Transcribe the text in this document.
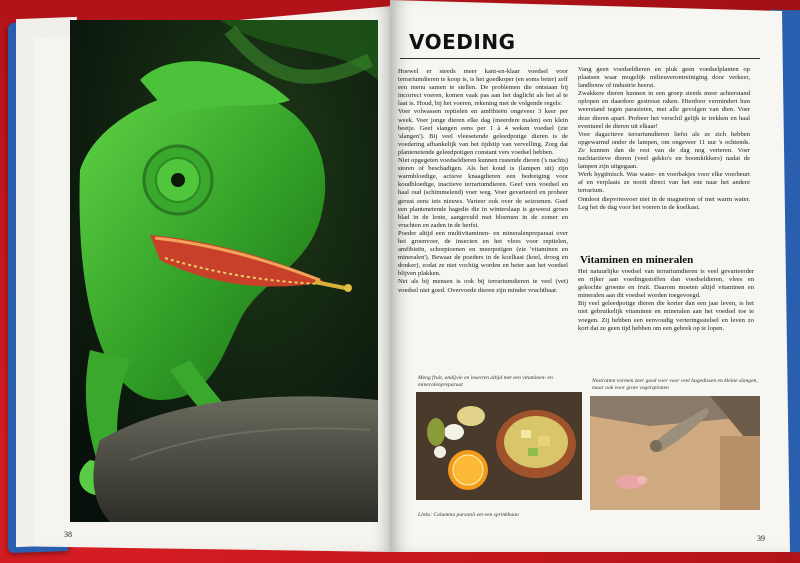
38
VOEDING
Hoewel er steeds meer kant-en-klaar voedsel voor terrariumdieren te koop is, is het goedkoper (en soms beter) zelf een menu samen te stellen. De problemen die ontstaan bij incorrect voeren, komen vaak pas aan het daglicht als het al te laat is. Houd, bij het voeren, rekening met de volgende regels:
Voer volwassen reptielen en amfibieën ongeveer 3 keer per week. Voer jonge dieren elke dag (meerdere malen) een klein beetje. Geef slangen eens per 1 à 4 weken voedsel (zie 'slangen'). Bij veel vleesetende geleedpotige dieren is de voedering afhankelijk van het tijdstip van vervelling. Zorg dat plantenetende geleedpotigen constant vers voedsel hebben.
Niet opgegeten voedseldieren kunnen rustende dieren ('s nachts) storen of beschadigen. Als het koud is (lampen uit) zijn warmbloedige, actieve knaagdieren een bedreiging voor koudbloedige, inactieve terrariumdieren. Geef vers voedsel en haal oud (schimmelend) voer weg. Voer gevarieerd en probeer gerust eens iets nieuws. Varieer ook over de seizoenen. Geef een plantenetende hagedis die in winterslaap is geweest groen blad in de lente, aangevuld met bloemen in de zomer en vruchten en zaden in de herfst.
Poeder altijd een multivitaminen- en mineralenpreparaat over het groenvoer, de insecten en het vlees voor reptielen, amfibieën, schorpioenen en meerpotigen (zie 'vitaminen en mineralen'). Bewaar de poeders in de koelkast (koel, droog en donker), zodat ze niet vochtig worden en beter aan het voedsel blijven plakken.
Net als bij mensen is ook bij terrariumdieren te veel (vet) voedsel niet goed. Overvoede dieren zijn minder vruchtbaar.
Vang geen voedseldieren en pluk geen voedselplanten op plaatsen waar mogelijk milieuverontreiniging door verkeer, landbouw of industrie heerst.
Zwakkere dieren kunnen in een groep steeds meer achterstand oplopen en daardoor gestresst raken. Hierdoor vermindert hun weerstand tegen parasieten, met alle gevolgen van dien. Voer deze dieren apart. Probeer het verschil gelijk te trekken en haal eventueel de dieren uit elkaar!
Voer dagactieve terrariumdieren liefst als ze zich hebben opgewarmd onder de lampen, om ongeveer 11 uur 's ochtends. Ze kunnen dan de rest van de dag nog verteren. Voer nachtactieve dieren (veel gekko's en boomkikkers) nadat de lampen zijn uitgegaan.
Werk hygiënisch. Was water- en voerbakjes voor elke voerbeurt af en verplaats ze nooit direct van het ene naar het andere terrarium.
Ontdooi diepvriesvoer niet in de magnetron of met warm water. Leg het de dag voor het voeren in de koelkast.
Vitaminen en mineralen
Het natuurlijke voedsel van terrariumdieren is veel gevarieerder en rijker aan voedingsstoffen dan voedseldieren, vlees en gekochte groente en fruit. Daarom moeten altijd vitaminen en mineralen aan dit voedsel worden toegevoegd.
Bij veel geleedpotige dieren die korter dan een jaar leven, is het niet gebruikelijk vitaminen en mineralen aan het voedsel toe te voegen. Zij hebben een eenvoudig verteringsstelsel en leven zo kort dat ze geen tijd hebben om een gebrek op te lopen.
Meng fruit, andijvie en insecten altijd met een vitaminen- en mineralenpreparaat
Nestratten vormen zeer goed voer voor veel hagedissen en kleine slangen, maar ook voor grote vogelspinnen
Links: Calumma parsonii eet een sprinkhaan
39
